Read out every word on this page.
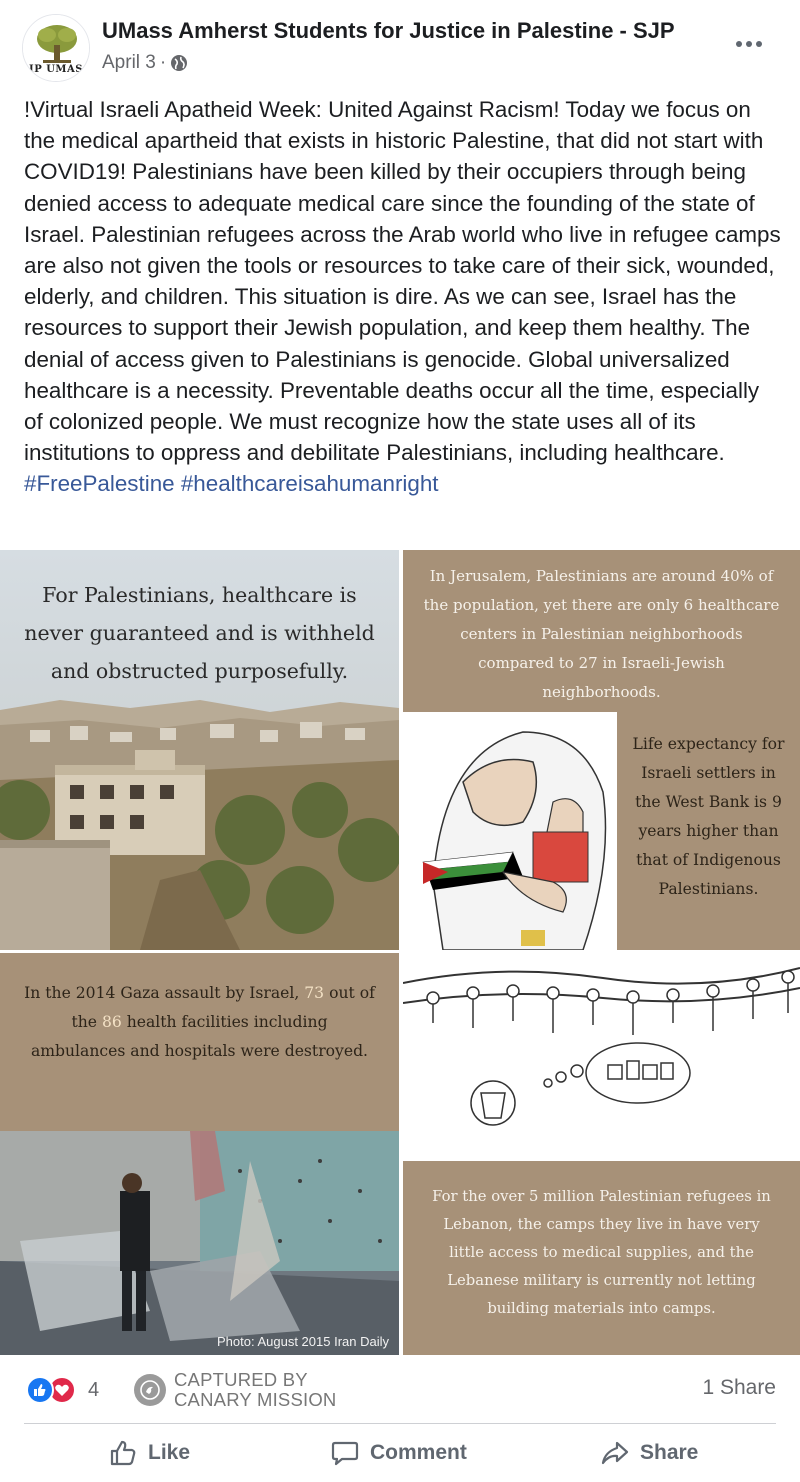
IP UMAS
UMass Amherst Students for Justice in Palestine - SJP
April 3 ·
!Virtual Israeli Apatheid Week: United Against Racism! Today we focus on the medical apartheid that exists in historic Palestine, that did not start with COVID19! Palestinians have been killed by their occupiers through being denied access to adequate medical care since the founding of the state of Israel. Palestinian refugees across the Arab world who live in refugee camps are also not given the tools or resources to take care of their sick, wounded, elderly, and children. This situation is dire. As we can see, Israel has the resources to support their Jewish population, and keep them healthy. The denial of access given to Palestinians is genocide. Global universalized healthcare is a necessity. Preventable deaths occur all the time, especially of colonized people. We must recognize how the state uses all of its institutions to oppress and debilitate Palestinians, including healthcare.
#FreePalestine #healthcareisahumanright
For Palestinians, healthcare is never guaranteed and is withheld and obstructed purposefully.
In Jerusalem, Palestinians are around 40% of the population, yet there are only 6 healthcare centers in Palestinian neighborhoods compared to 27 in Israeli-Jewish neighborhoods.
Life expectancy for Israeli settlers in the West Bank is 9 years higher than that of Indigenous Palestinians.
In the 2014 Gaza assault by Israel, 73 out of the 86 health facilities including ambulances and hospitals were destroyed.
Photo: August 2015 Iran Daily
For the over 5 million Palestinian refugees in Lebanon, the camps they live in have very little access to medical supplies, and the Lebanese military is currently not letting building materials into camps.
4	CAPTURED BY
CANARY MISSION
1 Share
Like	Comment	Share
